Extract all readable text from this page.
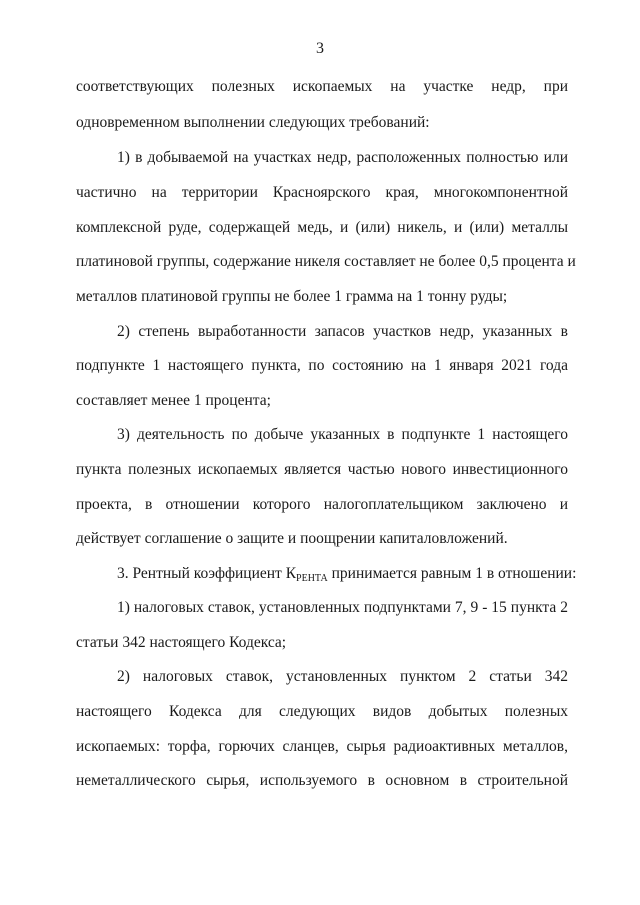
3
соответствующих полезных ископаемых на участке недр, при
одновременном выполнении следующих требований:
1) в добываемой на участках недр, расположенных полностью или
частично на территории Красноярского края, многокомпонентной
комплексной руде, содержащей медь, и (или) никель, и (или) металлы
платиновой группы, содержание никеля составляет не более 0,5 процента и
металлов платиновой группы не более 1 грамма на 1 тонну руды;
2) степень выработанности запасов участков недр, указанных в
подпункте 1 настоящего пункта, по состоянию на 1 января 2021 года
составляет менее 1 процента;
3) деятельность по добыче указанных в подпункте 1 настоящего
пункта полезных ископаемых является частью нового инвестиционного
проекта, в отношении которого налогоплательщиком заключено и
действует соглашение о защите и поощрении капиталовложений.
3. Рентный коэффициент $К_{РЕНТА}$ принимается равным 1 в отношении:
1) налоговых ставок, установленных подпунктами 7, 9 - 15 пункта 2
статьи 342 настоящего Кодекса;
2) налоговых ставок, установленных пунктом 2 статьи 342
настоящего Кодекса для следующих видов добытых полезных
ископаемых: торфа, горючих сланцев, сырья радиоактивных металлов,
неметаллического сырья, используемого в основном в строительной
